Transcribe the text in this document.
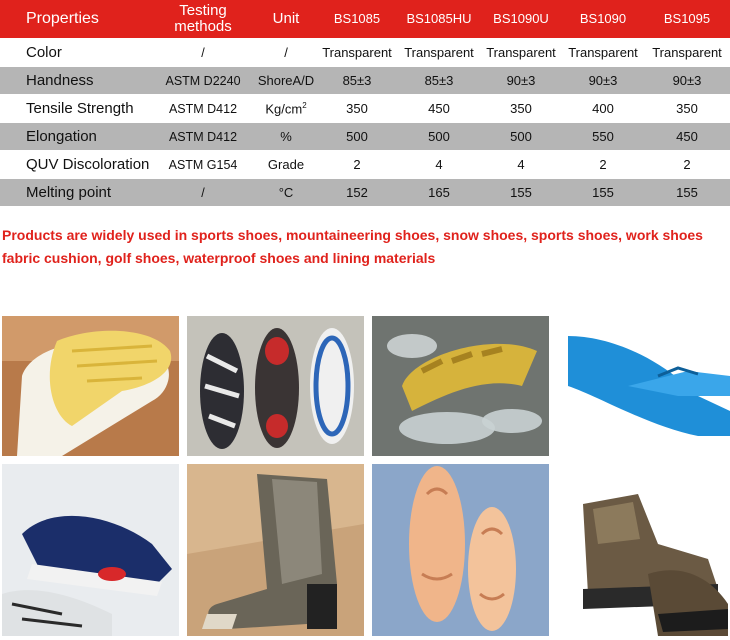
Properties	Testing methods	Unit	BS1085	BS1085HU	BS1090U	BS1090	BS1095
Color	/	/	Transparent	Transparent	Transparent	Transparent	Transparent
Handness	ASTM D2240	ShoreA/D	85±3	85±3	90±3	90±3	90±3
Tensile Strength	ASTM D412	$Kg/cm^2$	350	450	350	400	350
Elongation	ASTM D412	%	500	500	500	550	450
QUV Discoloration	ASTM G154	Grade	2	4	4	2	2
Melting point	/	°C	152	165	155	155	155
Products are widely used in sports shoes, mountaineering shoes, snow shoes, sports shoes, work shoes fabric cushion, golf shoes, waterproof shoes and lining materials
